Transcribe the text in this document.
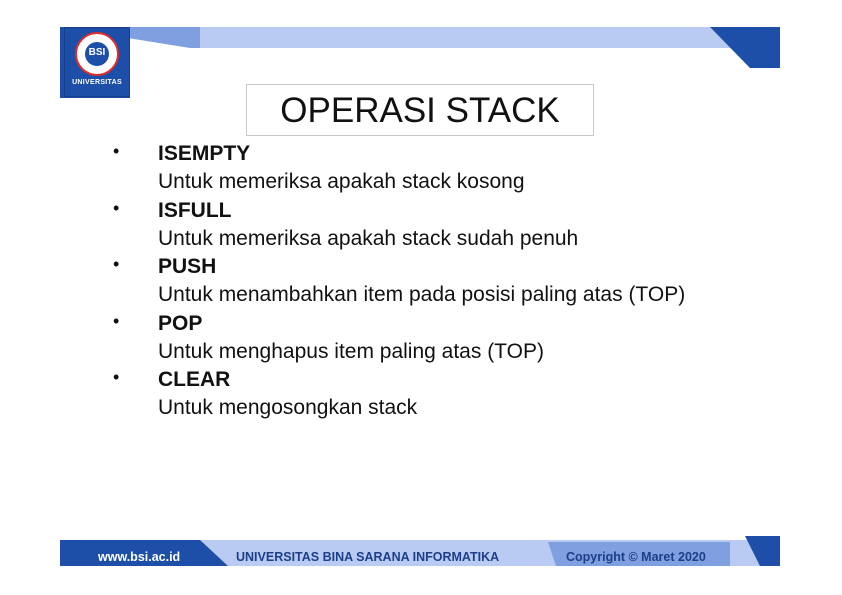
BSI
UNIVERSITAS
OPERASI STACK
• ISEMPTY
Untuk memeriksa apakah stack kosong
• ISFULL
Untuk memeriksa apakah stack sudah penuh
• PUSH
Untuk menambahkan item pada posisi paling atas (TOP)
• POP
Untuk menghapus item paling atas (TOP)
• CLEAR
Untuk mengosongkan stack
www.bsi.ac.id	UNIVERSITAS BINA SARANA INFORMATIKA	Copyright © Maret 2020
